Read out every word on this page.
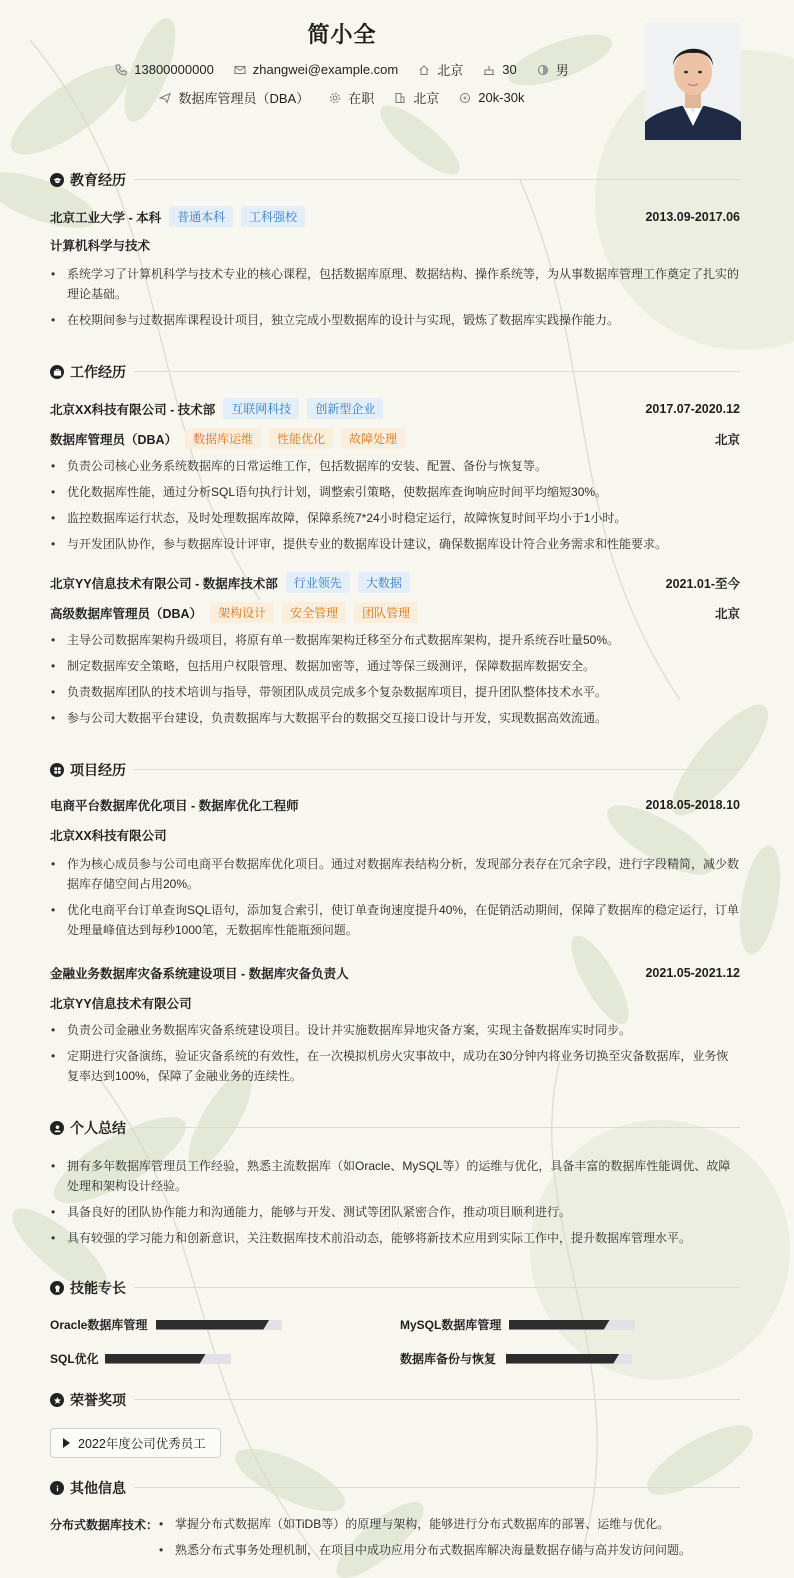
简小全
13800000000	zhangwei@example.com	北京	30	男
数据库管理员（DBA）	在职	北京	20k-30k
教育经历
北京工业大学 - 本科	普通本科	工科强校	2013.09-2017.06
计算机科学与技术
• 系统学习了计算机科学与技术专业的核心课程，包括数据库原理、数据结构、操作系统等，为从事数据库管理工作奠定了扎实的理论基础。
• 在校期间参与过数据库课程设计项目，独立完成小型数据库的设计与实现，锻炼了数据库实践操作能力。
工作经历
北京XX科技有限公司 - 技术部	互联网科技	创新型企业	2017.07-2020.12
数据库管理员（DBA）	数据库运维	性能优化	故障处理	北京
• 负责公司核心业务系统数据库的日常运维工作，包括数据库的安装、配置、备份与恢复等。
• 优化数据库性能，通过分析SQL语句执行计划，调整索引策略，使数据库查询响应时间平均缩短30%。
• 监控数据库运行状态，及时处理数据库故障，保障系统7*24小时稳定运行，故障恢复时间平均小于1小时。
• 与开发团队协作，参与数据库设计评审，提供专业的数据库设计建议，确保数据库设计符合业务需求和性能要求。
北京YY信息技术有限公司 - 数据库技术部	行业领先	大数据	2021.01-至今
高级数据库管理员（DBA）	架构设计	安全管理	团队管理	北京
• 主导公司数据库架构升级项目，将原有单一数据库架构迁移至分布式数据库架构，提升系统吞吐量50%。
• 制定数据库安全策略，包括用户权限管理、数据加密等，通过等保三级测评，保障数据库数据安全。
• 负责数据库团队的技术培训与指导，带领团队成员完成多个复杂数据库项目，提升团队整体技术水平。
• 参与公司大数据平台建设，负责数据库与大数据平台的数据交互接口设计与开发，实现数据高效流通。
项目经历
电商平台数据库优化项目 - 数据库优化工程师	2018.05-2018.10
北京XX科技有限公司
• 作为核心成员参与公司电商平台数据库优化项目。通过对数据库表结构分析，发现部分表存在冗余字段，进行字段精简，减少数据库存储空间占用20%。
• 优化电商平台订单查询SQL语句，添加复合索引，使订单查询速度提升40%，在促销活动期间，保障了数据库的稳定运行，订单处理量峰值达到每秒1000笔，无数据库性能瓶颈问题。
金融业务数据库灾备系统建设项目 - 数据库灾备负责人	2021.05-2021.12
北京YY信息技术有限公司
• 负责公司金融业务数据库灾备系统建设项目。设计并实施数据库异地灾备方案，实现主备数据库实时同步。
• 定期进行灾备演练，验证灾备系统的有效性，在一次模拟机房火灾事故中，成功在30分钟内将业务切换至灾备数据库，业务恢复率达到100%，保障了金融业务的连续性。
个人总结
• 拥有多年数据库管理员工作经验，熟悉主流数据库（如Oracle、MySQL等）的运维与优化，具备丰富的数据库性能调优、故障处理和架构设计经验。
• 具备良好的团队协作能力和沟通能力，能够与开发、测试等团队紧密合作，推动项目顺利进行。
• 具有较强的学习能力和创新意识，关注数据库技术前沿动态，能够将新技术应用到实际工作中，提升数据库管理水平。
技能专长
Oracle数据库管理	MySQL数据库管理
SQL优化	数据库备份与恢复
荣誉奖项
2022年度公司优秀员工
其他信息
分布式数据库技术：
•	掌握分布式数据库（如TiDB等）的原理与架构，能够进行分布式数据库的部署、运维与优化。
• 熟悉分布式事务处理机制，在项目中成功应用分布式数据库解决海量数据存储与高并发访问问题。
